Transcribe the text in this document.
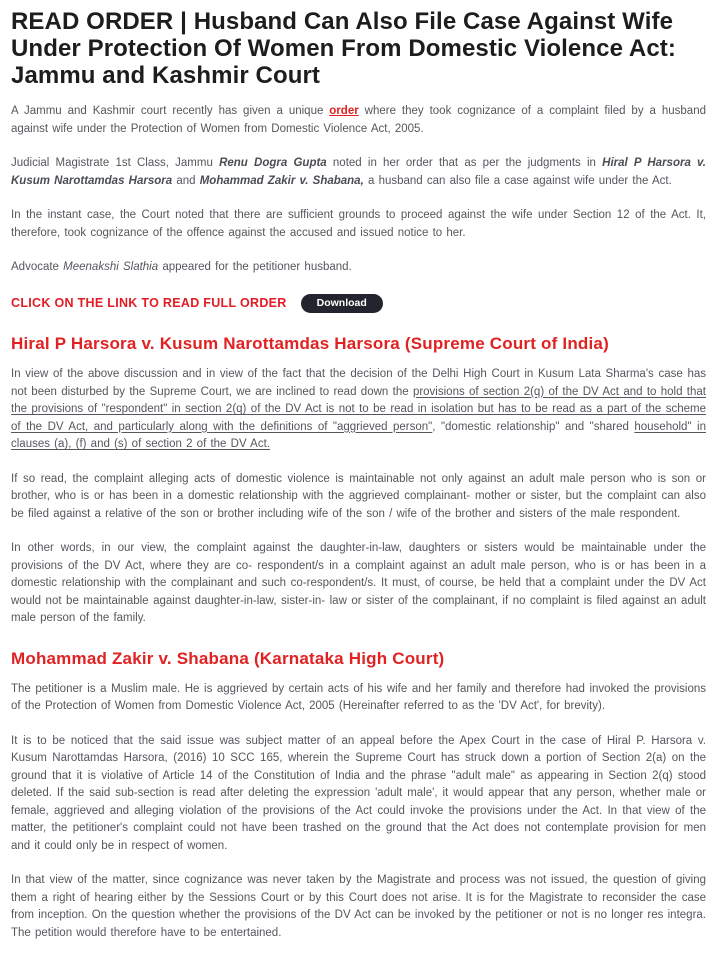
READ ORDER | Husband Can Also File Case Against Wife Under Protection Of Women From Domestic Violence Act: Jammu and Kashmir Court

A Jammu and Kashmir court recently has given a unique order where they took cognizance of a complaint filed by a husband against wife under the Protection of Women from Domestic Violence Act, 2005.

Judicial Magistrate 1st Class, Jammu Renu Dogra Gupta noted in her order that as per the judgments in Hiral P Harsora v. Kusum Narottamdas Harsora and Mohammad Zakir v. Shabana, a husband can also file a case against wife under the Act.

In the instant case, the Court noted that there are sufficient grounds to proceed against the wife under Section 12 of the Act. It, therefore, took cognizance of the offence against the accused and issued notice to her.

Advocate Meenakshi Slathia appeared for the petitioner husband.

CLICK ON THE LINK TO READ FULL ORDER	Download
Hiral P Harsora v. Kusum Narottamdas Harsora (Supreme Court of India)

In view of the above discussion and in view of the fact that the decision of the Delhi High Court in Kusum Lata Sharma's case has not been disturbed by the Supreme Court, we are inclined to read down the provisions of section 2(q) of the DV Act and to hold that the provisions of "respondent" in section 2(q) of the DV Act is not to be read in isolation but has to be read as a part of the scheme of the DV Act, and particularly along with the definitions of "aggrieved person", "domestic relationship" and "shared household" in clauses (a), (f) and (s) of section 2 of the DV Act.

If so read, the complaint alleging acts of domestic violence is maintainable not only against an adult male person who is son or brother, who is or has been in a domestic relationship with the aggrieved complainant- mother or sister, but the complaint can also be filed against a relative of the son or brother including wife of the son / wife of the brother and sisters of the male respondent.

In other words, in our view, the complaint against the daughter-in-law, daughters or sisters would be maintainable under the provisions of the DV Act, where they are co- respondent/s in a complaint against an adult male person, who is or has been in a domestic relationship with the complainant and such co-respondent/s. It must, of course, be held that a complaint under the DV Act would not be maintainable against daughter-in-law, sister-in- law or sister of the complainant, if no complaint is filed against an adult male person of the family.

Mohammad Zakir v. Shabana (Karnataka High Court)

The petitioner is a Muslim male. He is aggrieved by certain acts of his wife and her family and therefore had invoked the provisions of the Protection of Women from Domestic Violence Act, 2005 (Hereinafter referred to as the 'DV Act', for brevity).

It is to be noticed that the said issue was subject matter of an appeal before the Apex Court in the case of Hiral P. Harsora v. Kusum Narottamdas Harsora, (2016) 10 SCC 165, wherein the Supreme Court has struck down a portion of Section 2(a) on the ground that it is violative of Article 14 of the Constitution of India and the phrase "adult male" as appearing in Section 2(q) stood deleted. If the said sub-section is read after deleting the expression 'adult male', it would appear that any person, whether male or female, aggrieved and alleging violation of the provisions of the Act could invoke the provisions under the Act. In that view of the matter, the petitioner's complaint could not have been trashed on the ground that the Act does not contemplate provision for men and it could only be in respect of women.

In that view of the matter, since cognizance was never taken by the Magistrate and process was not issued, the question of giving them a right of hearing either by the Sessions Court or by this Court does not arise. It is for the Magistrate to reconsider the case from inception. On the question whether the provisions of the DV Act can be invoked by the petitioner or not is no longer res integra. The petition would therefore have to be entertained.
